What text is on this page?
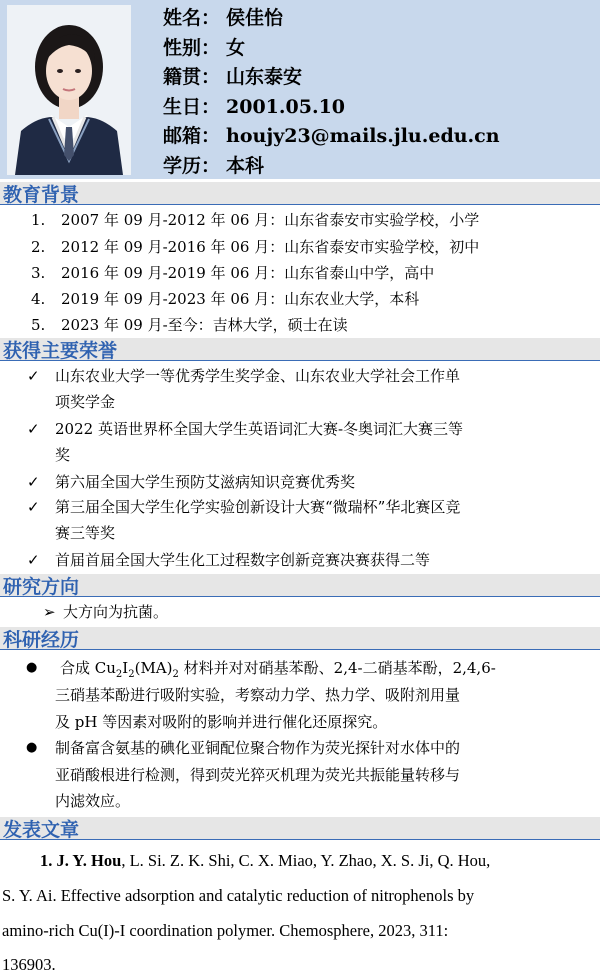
姓名： 侯佳怡
性别： 女
籍贯： 山东泰安
生日： 2001.05.10
邮箱： houjy23@mails.jlu.edu.cn
学历： 本科
教育背景
1. 2007 年 09 月-2012 年 06 月：山东省泰安市实验学校，小学
2. 2012 年 09 月-2016 年 06 月：山东省泰安市实验学校，初中
3. 2016 年 09 月-2019 年 06 月：山东省泰山中学，高中
4. 2019 年 09 月-2023 年 06 月：山东农业大学，本科
5. 2023 年 09 月-至今：吉林大学，硕士在读
获得主要荣誉
✓ 山东农业大学一等优秀学生奖学金、山东农业大学社会工作单
项奖学金
✓ 2022 英语世界杯全国大学生英语词汇大赛-冬奥词汇大赛三等
奖
✓ 第六届全国大学生预防艾滋病知识竞赛优秀奖
✓ 第三届全国大学生化学实验创新设计大赛“微瑞杯”华北赛区竞
赛三等奖
✓ 首届首届全国大学生化工过程数字创新竞赛决赛获得二等
研究方向
➢ 大方向为抗菌。
科研经历
● 合成 $Cu_2I_2(MA)_2$ 材料并对对硝基苯酚、2,4-二硝基苯酚，2,4,6-
三硝基苯酚进行吸附实验，考察动力学、热力学、吸附剂用量
及 pH 等因素对吸附的影响并进行催化还原探究。
● 制备富含氨基的碘化亚铜配位聚合物作为荧光探针对水体中的
亚硝酸根进行检测，得到荧光猝灭机理为荧光共振能量转移与
内滤效应。
发表文章
1. J. Y. Hou, L. Si. Z. K. Shi, C. X. Miao, Y. Zhao, X. S. Ji, Q. Hou,
S. Y. Ai. Effective adsorption and catalytic reduction of nitrophenols by
amino-rich Cu(I)-I coordination polymer. Chemosphere, 2023, 311:
136903.
